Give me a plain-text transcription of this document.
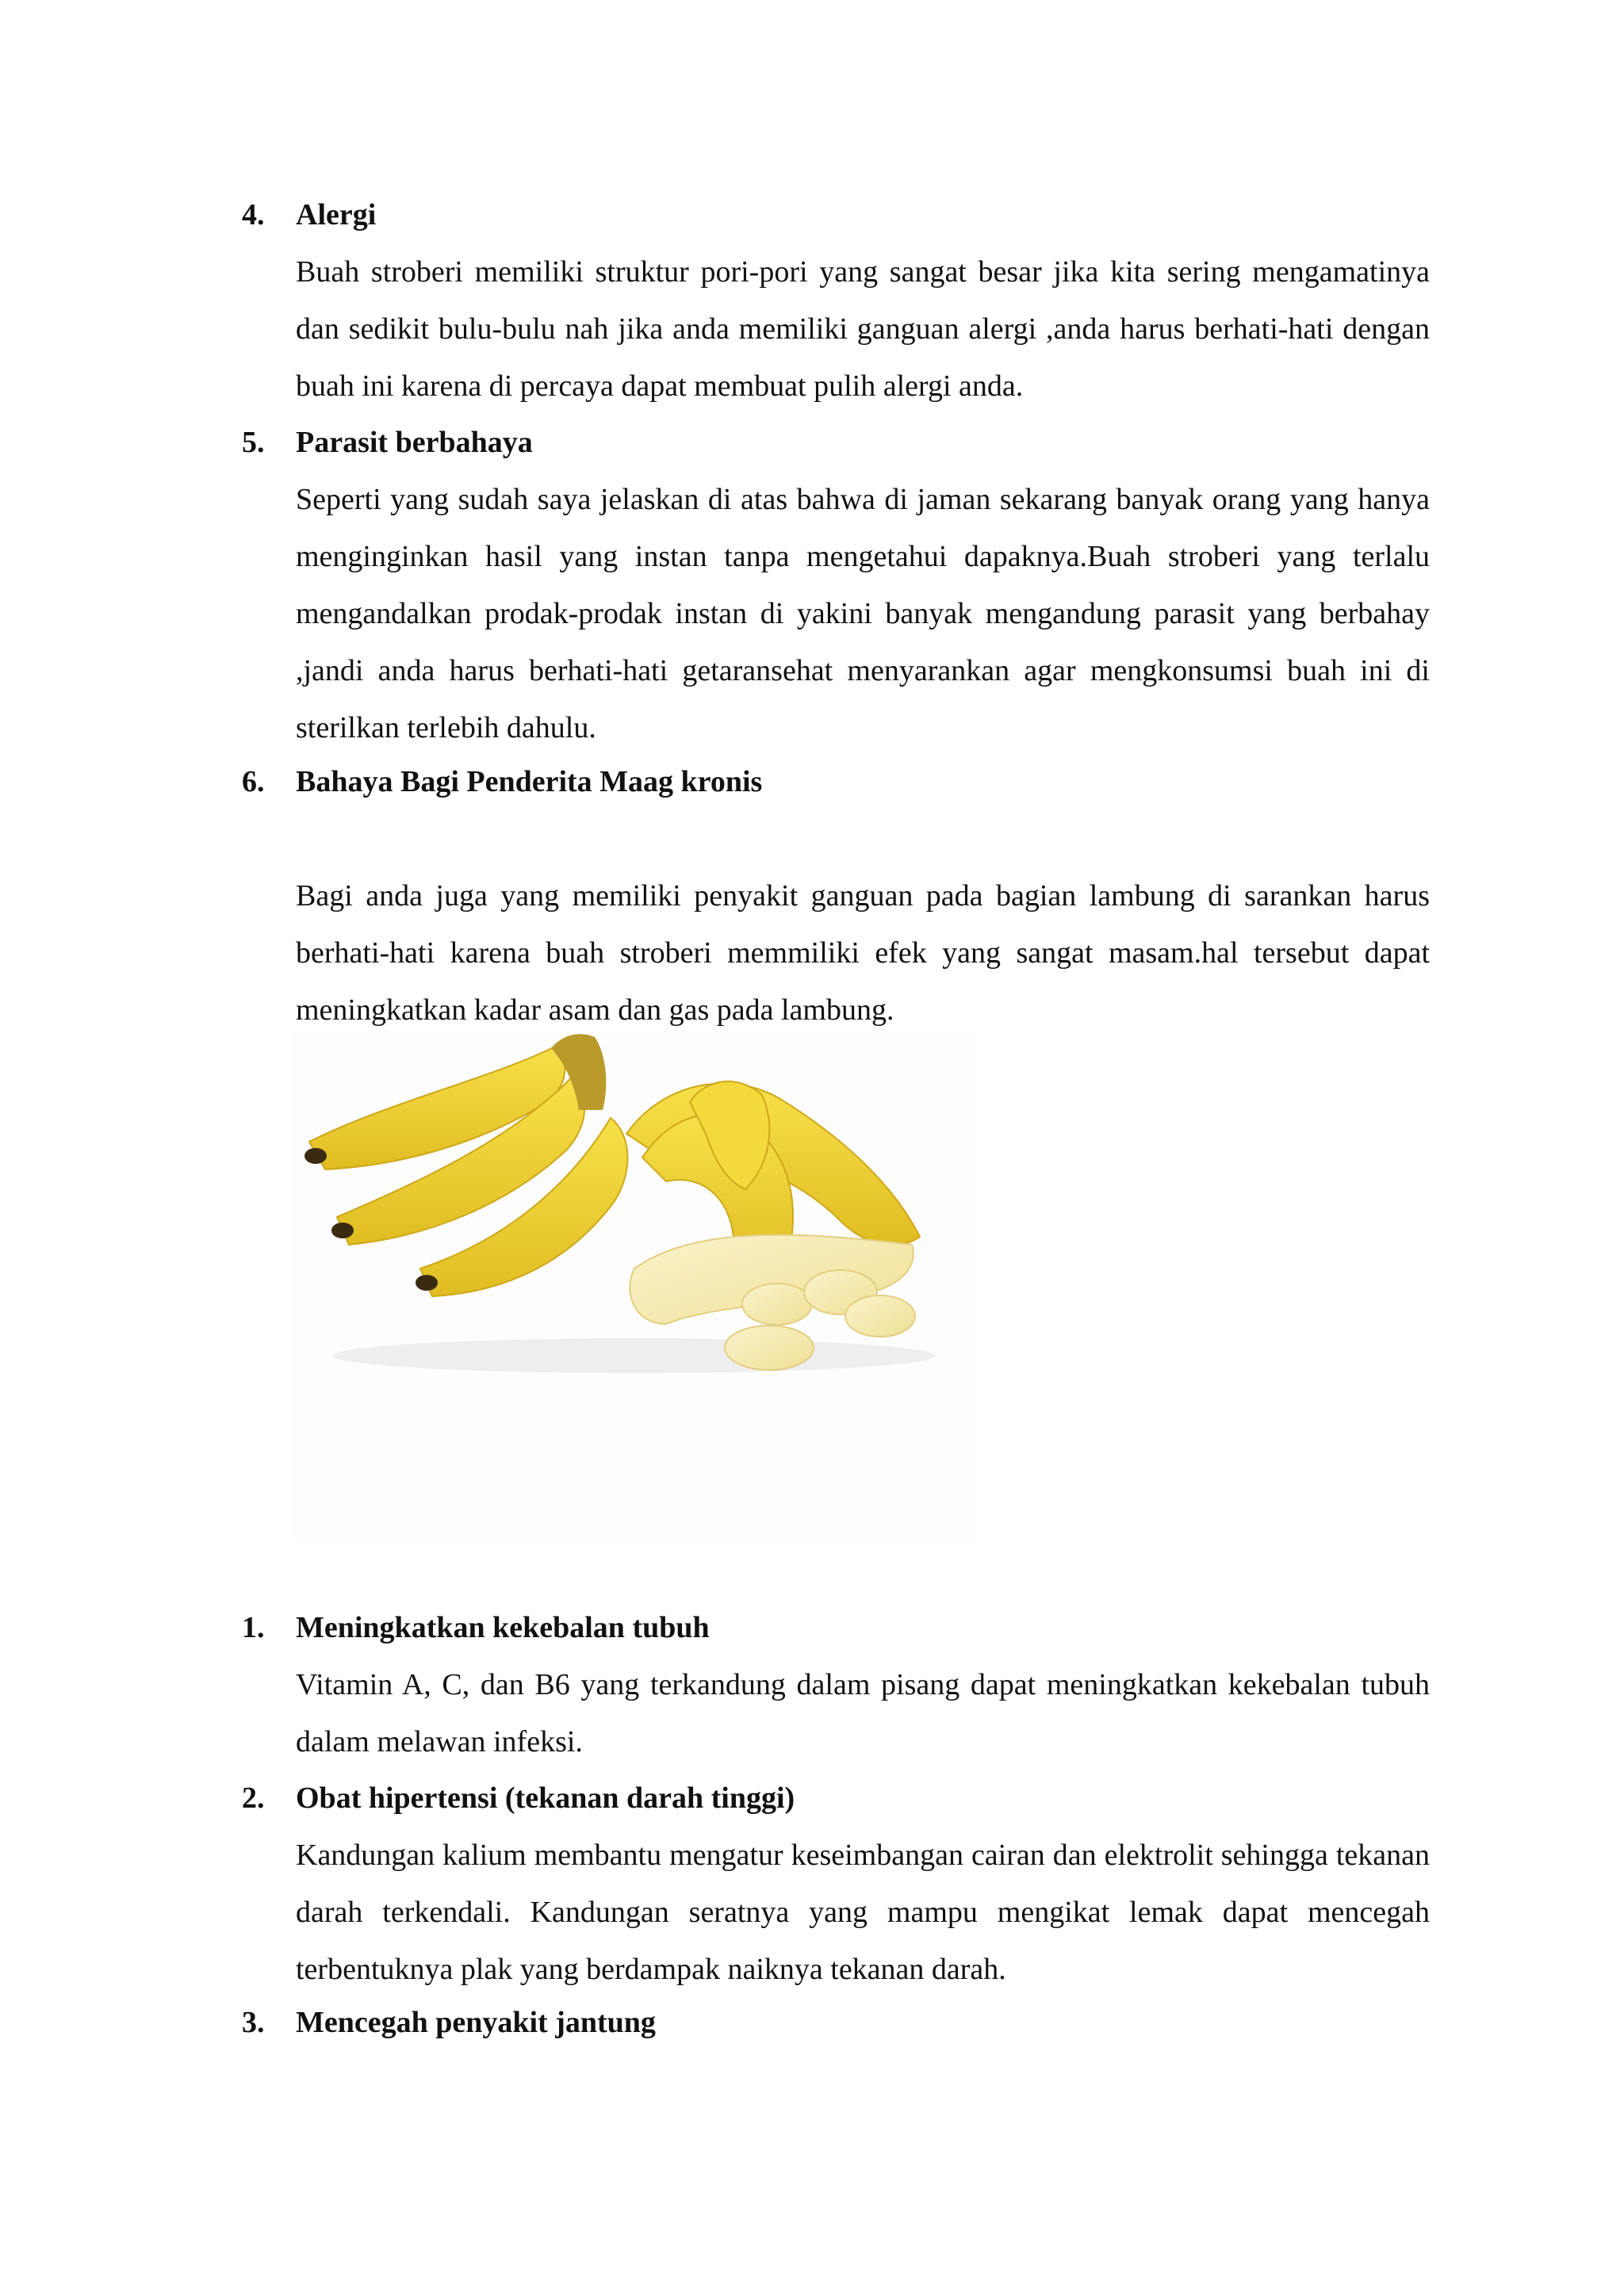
4. Alergi
Buah stroberi memiliki struktur pori-pori yang sangat besar jika kita sering mengamatinya dan sedikit bulu-bulu nah jika anda memiliki ganguan alergi ,anda harus berhati-hati dengan buah ini karena di percaya dapat membuat pulih alergi anda.
5. Parasit berbahaya
Seperti yang sudah saya jelaskan di atas bahwa di jaman sekarang banyak orang yang hanya menginginkan hasil yang instan tanpa mengetahui dapaknya.Buah stroberi yang terlalu mengandalkan prodak-prodak instan di yakini banyak mengandung parasit yang berbahay ,jandi anda harus berhati-hati getaransehat menyarankan agar mengkonsumsi buah ini di sterilkan terlebih dahulu.
6. Bahaya Bagi Penderita Maag kronis
Bagi anda juga yang memiliki penyakit ganguan pada bagian lambung di sarankan harus berhati-hati karena buah stroberi memmiliki efek yang sangat masam.hal tersebut dapat meningkatkan kadar asam dan gas pada lambung.
1. Meningkatkan kekebalan tubuh
Vitamin A, C, dan B6 yang terkandung dalam pisang dapat meningkatkan kekebalan tubuh dalam melawan infeksi.
2. Obat hipertensi (tekanan darah tinggi)
Kandungan kalium membantu mengatur keseimbangan cairan dan elektrolit sehingga tekanan darah terkendali. Kandungan seratnya yang mampu mengikat lemak dapat mencegah terbentuknya plak yang berdampak naiknya tekanan darah.
3. Mencegah penyakit jantung
